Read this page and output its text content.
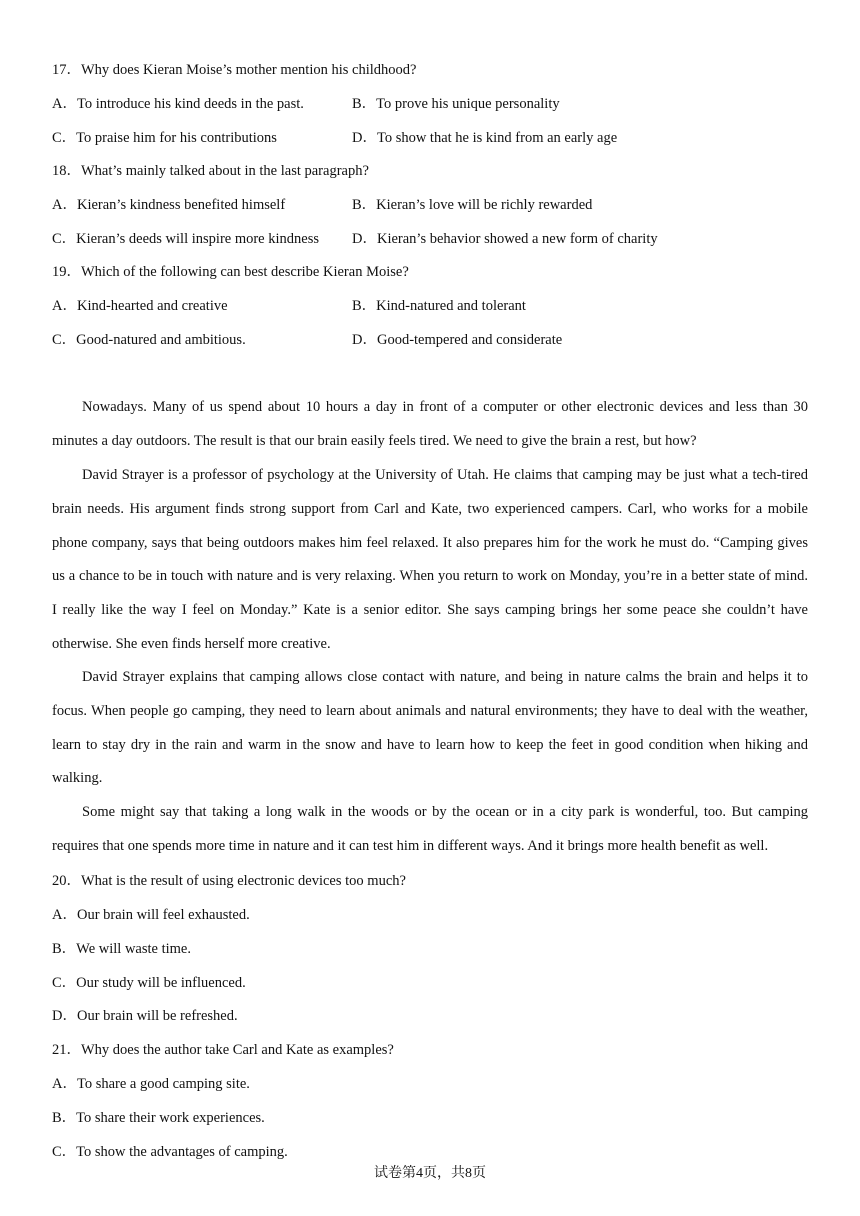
17．Why does Kieran Moise’s mother mention his childhood?
A．To introduce his kind deeds in the past.	B．To prove his unique personality
C．To praise him for his contributions	D．To show that he is kind from an early age
18．What’s mainly talked about in the last paragraph?
A．Kieran’s kindness benefited himself	B．Kieran’s love will be richly rewarded
C．Kieran’s deeds will inspire more kindness D．Kieran’s behavior showed a new form of charity
19．Which of the following can best describe Kieran Moise?
A．Kind-hearted and creative	B．Kind-natured and tolerant
C．Good-natured and ambitious.	D．Good-tempered and considerate

Nowadays. Many of us spend about 10 hours a day in front of a computer or other electronic devices and less than 30 minutes a day outdoors. The result is that our brain easily feels tired. We need to give the brain a rest, but how?

David Strayer is a professor of psychology at the University of Utah. He claims that camping may be just what a tech-tired brain needs. His argument finds strong support from Carl and Kate, two experienced campers. Carl, who works for a mobile phone company, says that being outdoors makes him feel relaxed. It also prepares him for the work he must do. “Camping gives us a chance to be in touch with nature and is very relaxing. When you return to work on Monday, you’re in a better state of mind. I really like the way I feel on Monday.” Kate is a senior editor. She says camping brings her some peace she couldn’t have otherwise. She even finds herself more creative.

David Strayer explains that camping allows close contact with nature, and being in nature calms the brain and helps it to focus. When people go camping, they need to learn about animals and natural environments; they have to deal with the weather, learn to stay dry in the rain and warm in the snow and have to learn how to keep the feet in good condition when hiking and walking.

Some might say that taking a long walk in the woods or by the ocean or in a city park is wonderful, too. But camping requires that one spends more time in nature and it can test him in different ways. And it brings more health benefit as well.

20．What is the result of using electronic devices too much?
A．Our brain will feel exhausted.
B．We will waste time.
C．Our study will be influenced.
D．Our brain will be refreshed.
21．Why does the author take Carl and Kate as examples?
A．To share a good camping site.
B．To share their work experiences.
C．To show the advantages of camping.
试卷第4页，共8页
